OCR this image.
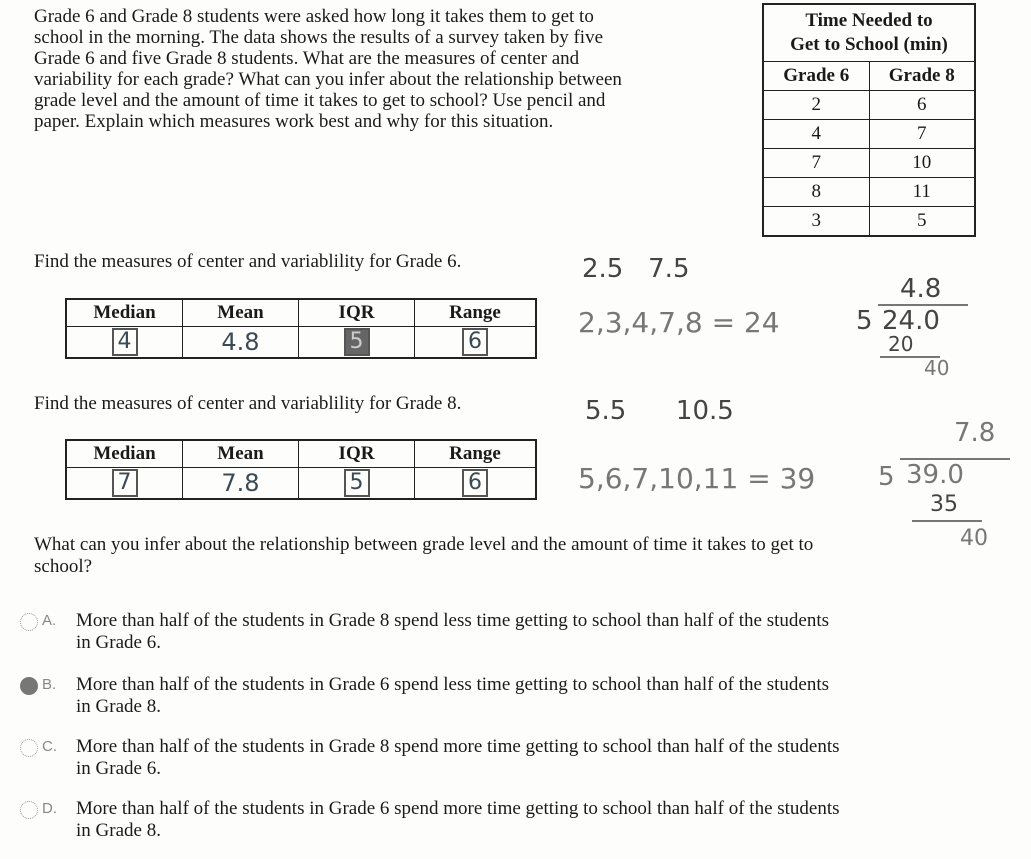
Grade 6 and Grade 8 students were asked how long it takes them to get to
school in the morning. The data shows the results of a survey taken by five
Grade 6 and five Grade 8 students. What are the measures of center and
variability for each grade? What can you infer about the relationship between
grade level and the amount of time it takes to get to school? Use pencil and
paper. Explain which measures work best and why for this situation.
Time Needed to
Get to School (min)	

Grade 6	Grade 8
2	6
4	7
7	10
8	11
3	5
Find the measures of center and variablility for Grade 6.
Median	Mean	IQR	Range
4	4.8	5	6
Find the measures of center and variablility for Grade 8.
Median	Mean	IQR	Range
7	7.8	5	6
2.5   7.5
2,3,4,7,8 = 24
4.8
5 24.0
20
40
5.5      10.5
5,6,7,10,11 = 39
7.8
5 39.0
35
40
What can you infer about the relationship between grade level and the amount of time it takes to get to
school?
A.	More than half of the students in Grade 8 spend less time getting to school than half of the students
in Grade 6.
B.	More than half of the students in Grade 6 spend less time getting to school than half of the students
in Grade 8.
C.	More than half of the students in Grade 8 spend more time getting to school than half of the students
in Grade 6.
D.	More than half of the students in Grade 6 spend more time getting to school than half of the students
in Grade 8.
